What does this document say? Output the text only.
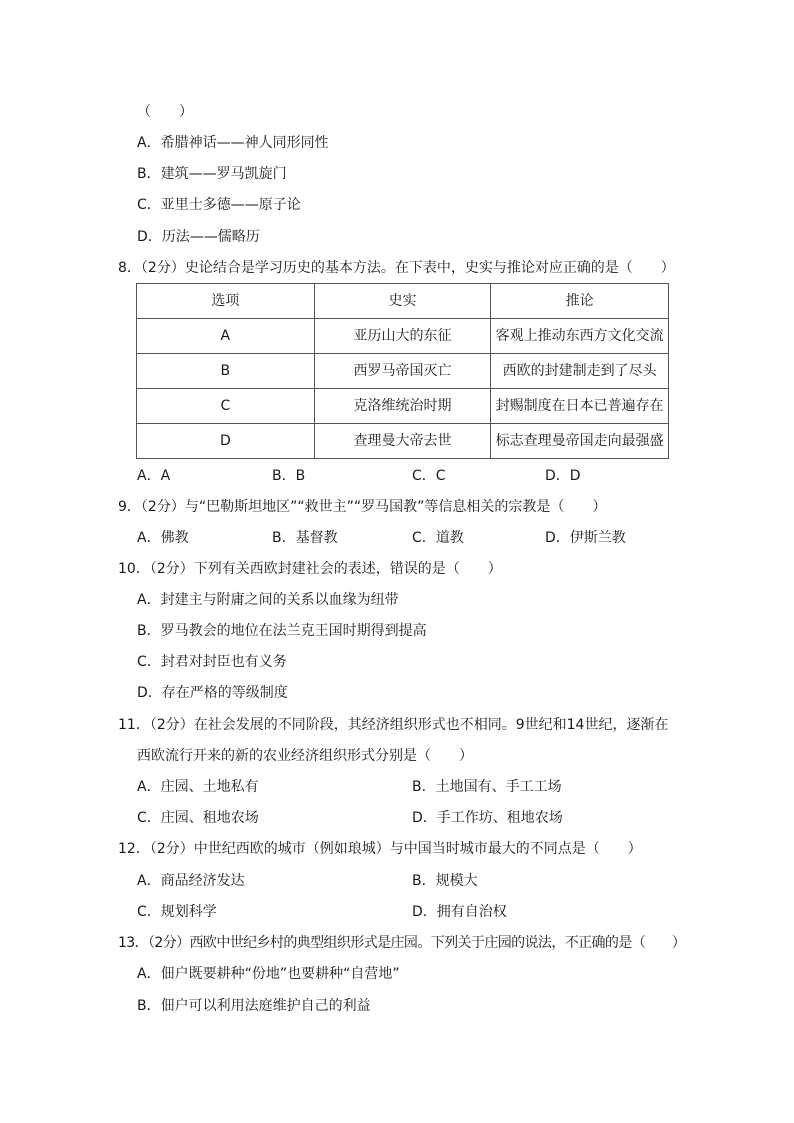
（　　）
A．希腊神话——神人同形同性
B．建筑——罗马凯旋门
C．亚里士多德——原子论
D．历法——儒略历
8．（2分）史论结合是学习历史的基本方法。在下表中，史实与推论对应正确的是（　　）
选项	史实	推论
A	亚历山大的东征	客观上推动东西方文化交流
B	西罗马帝国灭亡	西欧的封建制走到了尽头
C	克洛维统治时期	封赐制度在日本已普遍存在
D	查理曼大帝去世	标志查理曼帝国走向最强盛
A．A	B．B	C．C	D．D
9．（2分）与“巴勒斯坦地区”“救世主”“罗马国教”等信息相关的宗教是（　　）
A．佛教	B．基督教	C．道教	D．伊斯兰教
10．（2分）下列有关西欧封建社会的表述，错误的是（　　）
A．封建主与附庸之间的关系以血缘为纽带
B．罗马教会的地位在法兰克王国时期得到提高
C．封君对封臣也有义务
D．存在严格的等级制度
11．（2分）在社会发展的不同阶段，其经济组织形式也不相同。9世纪和14世纪，逐渐在
西欧流行开来的新的农业经济组织形式分别是（　　）
A．庄园、土地私有	B．土地国有、手工工场
C．庄园、租地农场	D．手工作坊、租地农场
12．（2分）中世纪西欧的城市（例如琅城）与中国当时城市最大的不同点是（　　）
A．商品经济发达	B．规模大
C．规划科学	D．拥有自治权
13．（2分）西欧中世纪乡村的典型组织形式是庄园。下列关于庄园的说法，不正确的是（　　）
A．佃户既要耕种“份地”也要耕种“自营地”
B．佃户可以利用法庭维护自己的利益
